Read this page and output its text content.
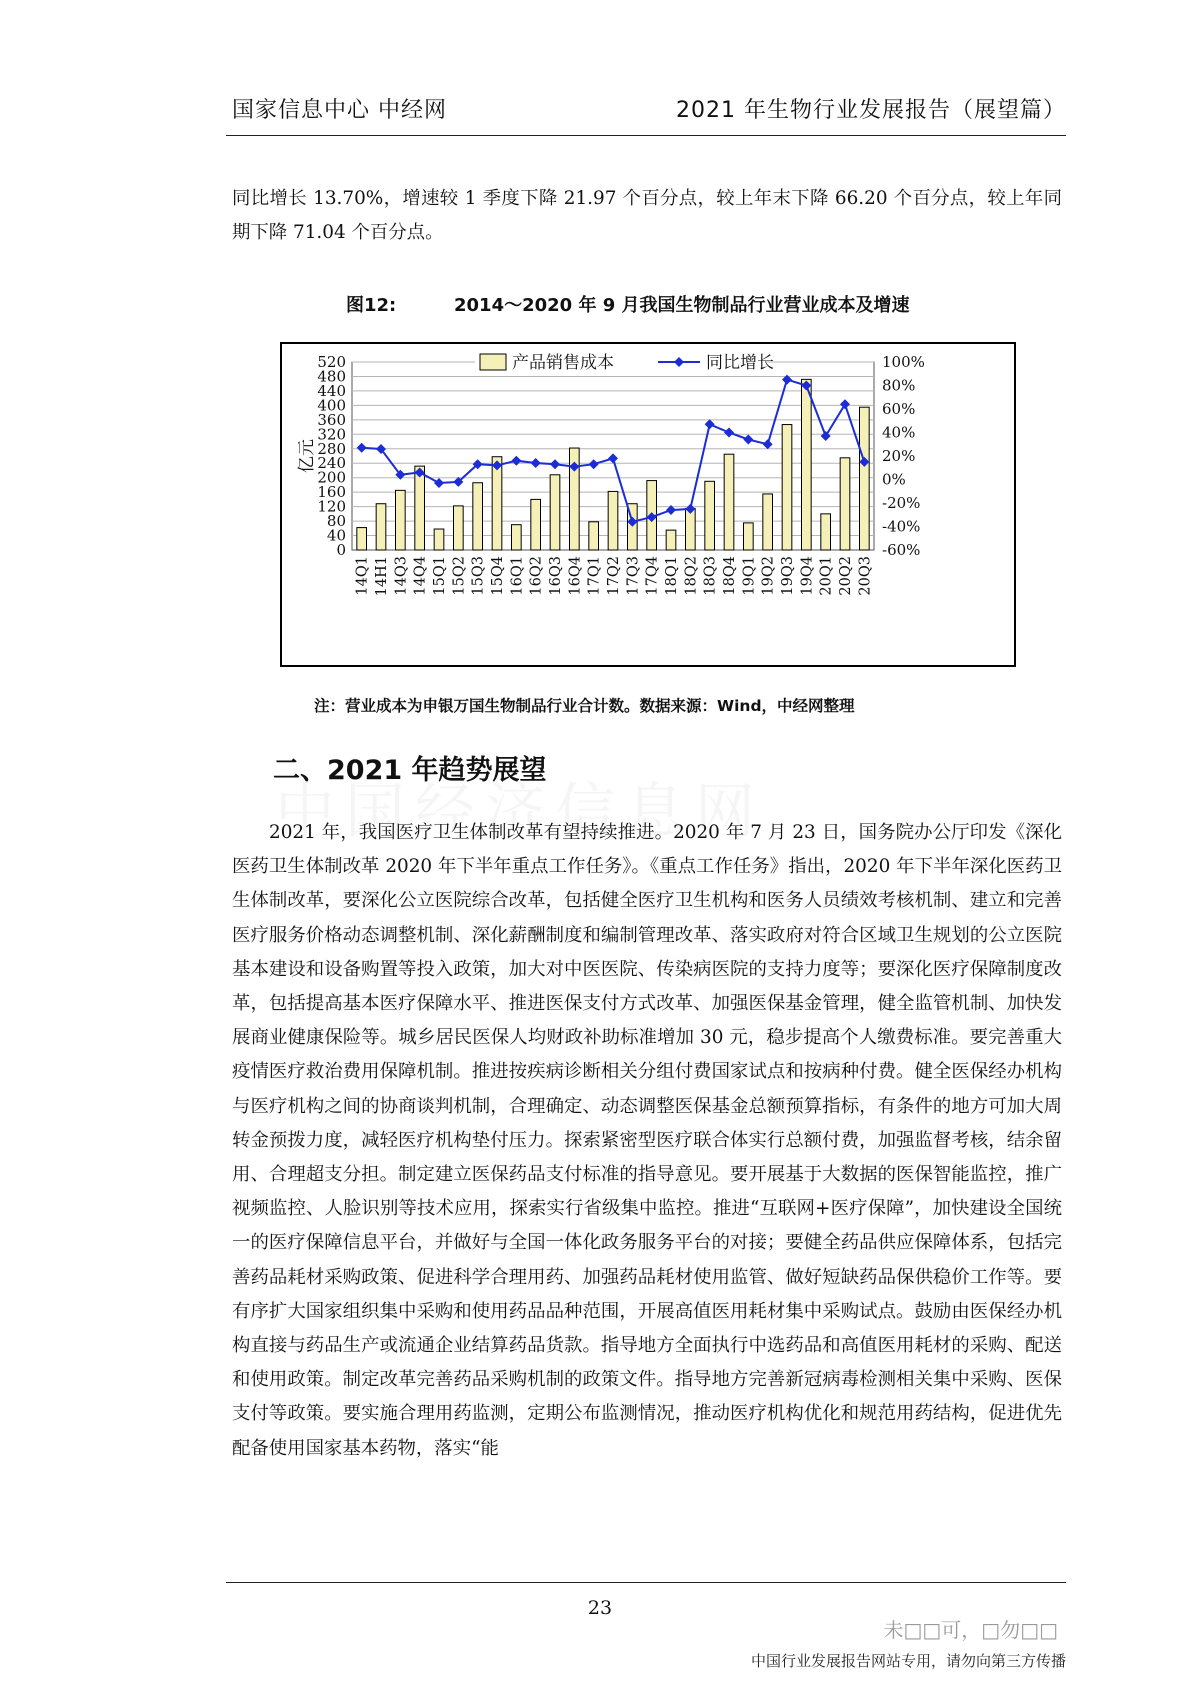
国家信息中心 中经网	2021 年生物行业发展报告（展望篇）
同比增长 13.70%，增速较 1 季度下降 21.97 个百分点，较上年末下降 66.20 个百分点，较上年同期下降 71.04 个百分点。
图12:	2014～2020 年 9 月我国生物制品行业营业成本及增速
0
40
80
120
160
200
240
280
320
360
400
440
480
520
-60%
-40%
-20%
0%
20%
40%
60%
80%
100%
亿元
14Q1 14H1 14Q3 14Q4 15Q1 15Q2 15Q3 15Q4 16Q1 16Q2 16Q3 16Q4 17Q1 17Q2 17Q3 17Q4 18Q1 18Q2 18Q3 18Q4 19Q1 19Q2 19Q3 19Q4 20Q1 20Q2 20Q3
产品销售成本	同比增长
注：营业成本为申银万国生物制品行业合计数。数据来源：Wind，中经网整理
二、2021 年趋势展望
2021 年，我国医疗卫生体制改革有望持续推进。2020 年 7 月 23 日，国务院办公厅印发《深化医药卫生体制改革 2020 年下半年重点工作任务》。《重点工作任务》指出，2020 年下半年深化医药卫生体制改革，要深化公立医院综合改革，包括健全医疗卫生机构和医务人员绩效考核机制、建立和完善医疗服务价格动态调整机制、深化薪酬制度和编制管理改革、落实政府对符合区域卫生规划的公立医院基本建设和设备购置等投入政策，加大对中医医院、传染病医院的支持力度等；要深化医疗保障制度改革，包括提高基本医疗保障水平、推进医保支付方式改革、加强医保基金管理，健全监管机制、加快发展商业健康保险等。城乡居民医保人均财政补助标准增加 30 元，稳步提高个人缴费标准。要完善重大疫情医疗救治费用保障机制。推进按疾病诊断相关分组付费国家试点和按病种付费。健全医保经办机构与医疗机构之间的协商谈判机制，合理确定、动态调整医保基金总额预算指标，有条件的地方可加大周转金预拨力度，减轻医疗机构垫付压力。探索紧密型医疗联合体实行总额付费，加强监督考核，结余留用、合理超支分担。制定建立医保药品支付标准的指导意见。要开展基于大数据的医保智能监控，推广视频监控、人脸识别等技术应用，探索实行省级集中监控。推进“互联网+医疗保障”，加快建设全国统一的医疗保障信息平台，并做好与全国一体化政务服务平台的对接；要健全药品供应保障体系，包括完善药品耗材采购政策、促进科学合理用药、加强药品耗材使用监管、做好短缺药品保供稳价工作等。要有序扩大国家组织集中采购和使用药品品种范围，开展高值医用耗材集中采购试点。鼓励由医保经办机构直接与药品生产或流通企业结算药品货款。指导地方全面执行中选药品和高值医用耗材的采购、配送和使用政策。制定改革完善药品采购机制的政策文件。指导地方完善新冠病毒检测相关集中采购、医保支付等政策。要实施合理用药监测，定期公布监测情况，推动医疗机构优化和规范用药结构，促进优先配备使用国家基本药物，落实“能
23
未□□可，□勿□□
中国行业发展报告网站专用，请勿向第三方传播
